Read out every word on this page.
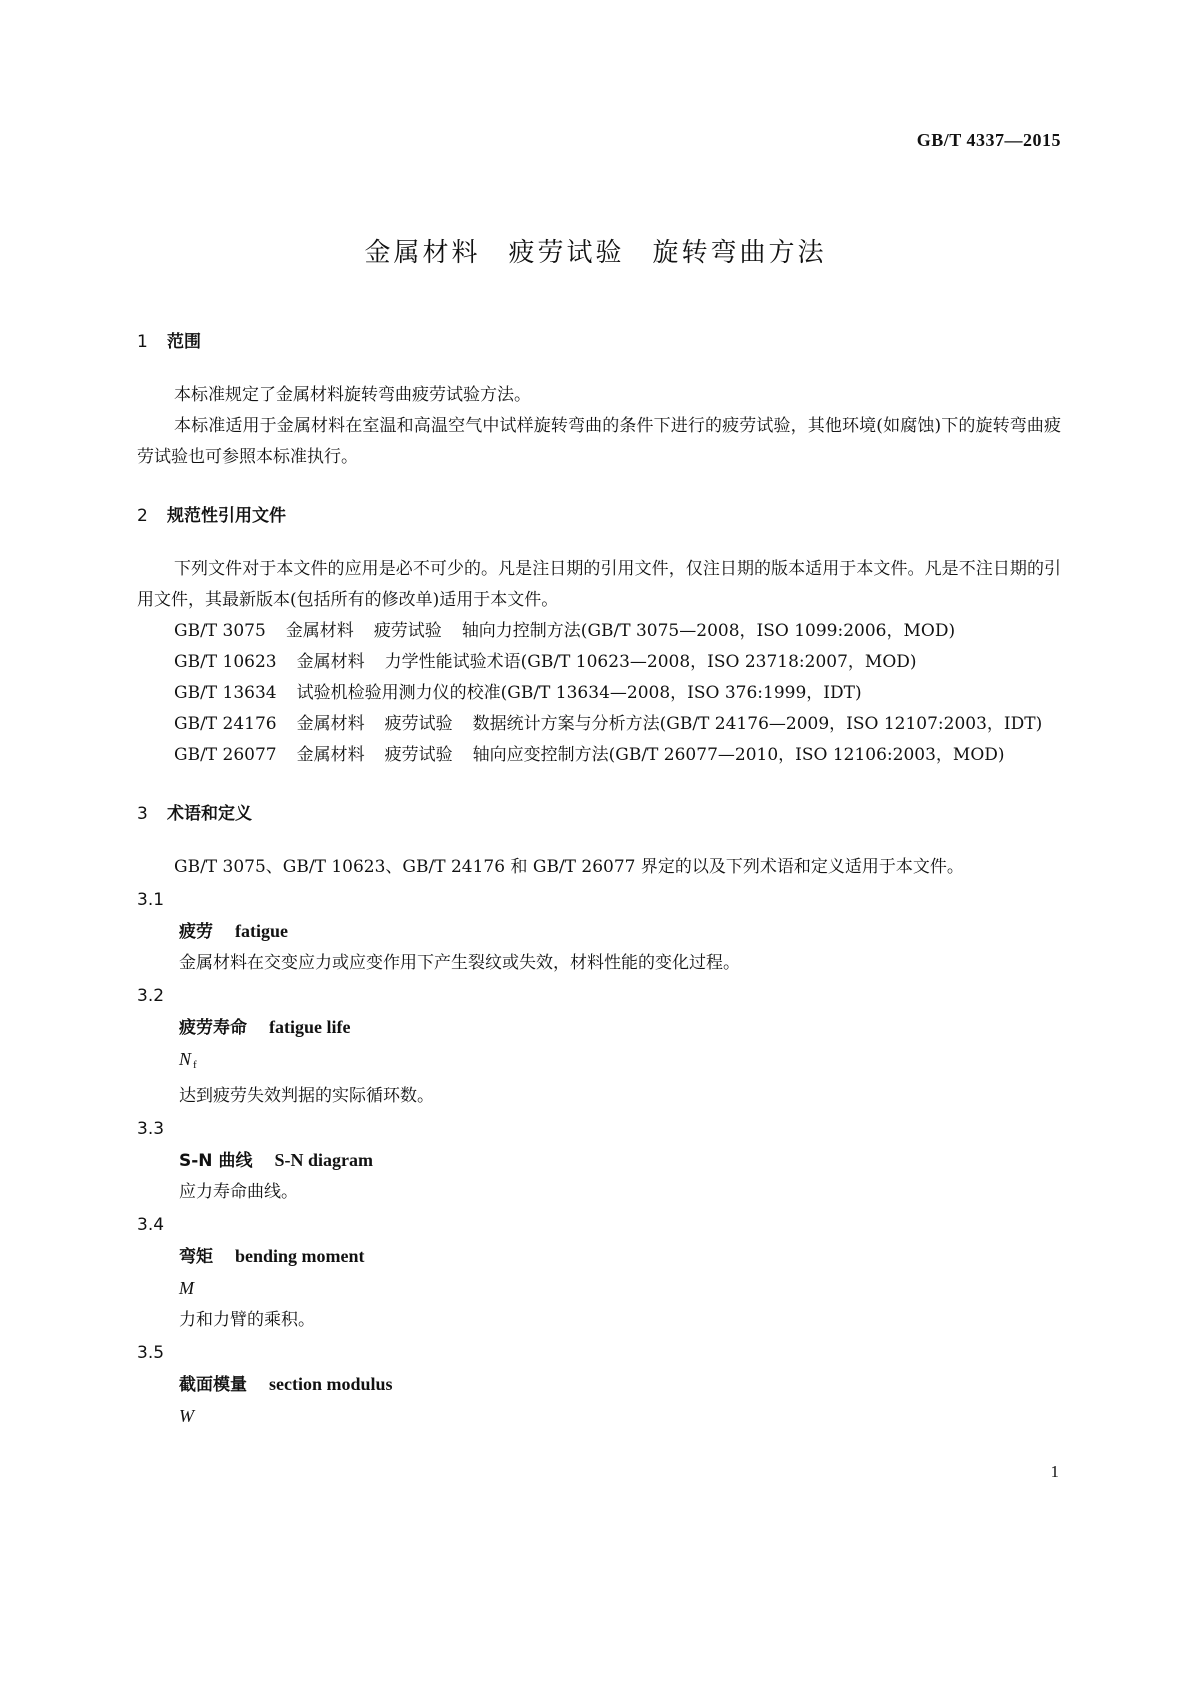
GB/T 4337—2015
金属材料 疲劳试验 旋转弯曲方法
1 范围

本标准规定了金属材料旋转弯曲疲劳试验方法。

本标准适用于金属材料在室温和高温空气中试样旋转弯曲的条件下进行的疲劳试验，其他环境(如腐蚀)下的旋转弯曲疲劳试验也可参照本标准执行。

2 规范性引用文件

下列文件对于本文件的应用是必不可少的。凡是注日期的引用文件，仅注日期的版本适用于本文件。凡是不注日期的引用文件，其最新版本(包括所有的修改单)适用于本文件。

GB/T 3075 金属材料 疲劳试验 轴向力控制方法(GB/T 3075—2008，ISO 1099:2006，MOD)

GB/T 10623 金属材料 力学性能试验术语(GB/T 10623—2008，ISO 23718:2007，MOD)

GB/T 13634 试验机检验用测力仪的校准(GB/T 13634—2008，ISO 376:1999，IDT)

GB/T 24176 金属材料 疲劳试验 数据统计方案与分析方法(GB/T 24176—2009，ISO 12107:2003，IDT)

GB/T 26077 金属材料 疲劳试验 轴向应变控制方法(GB/T 26077—2010，ISO 12106:2003，MOD)

3 术语和定义

GB/T 3075、GB/T 10623、GB/T 24176 和 GB/T 26077 界定的以及下列术语和定义适用于本文件。

3.1
疲劳 fatigue
金属材料在交变应力或应变作用下产生裂纹或失效，材料性能的变化过程。
3.2
疲劳寿命 fatigue life
N $_f$
达到疲劳失效判据的实际循环数。
3.3
S-N 曲线 S-N diagram
应力寿命曲线。
3.4
弯矩 bending moment
M
力和力臂的乘积。
3.5
截面模量 section modulus
W
1
